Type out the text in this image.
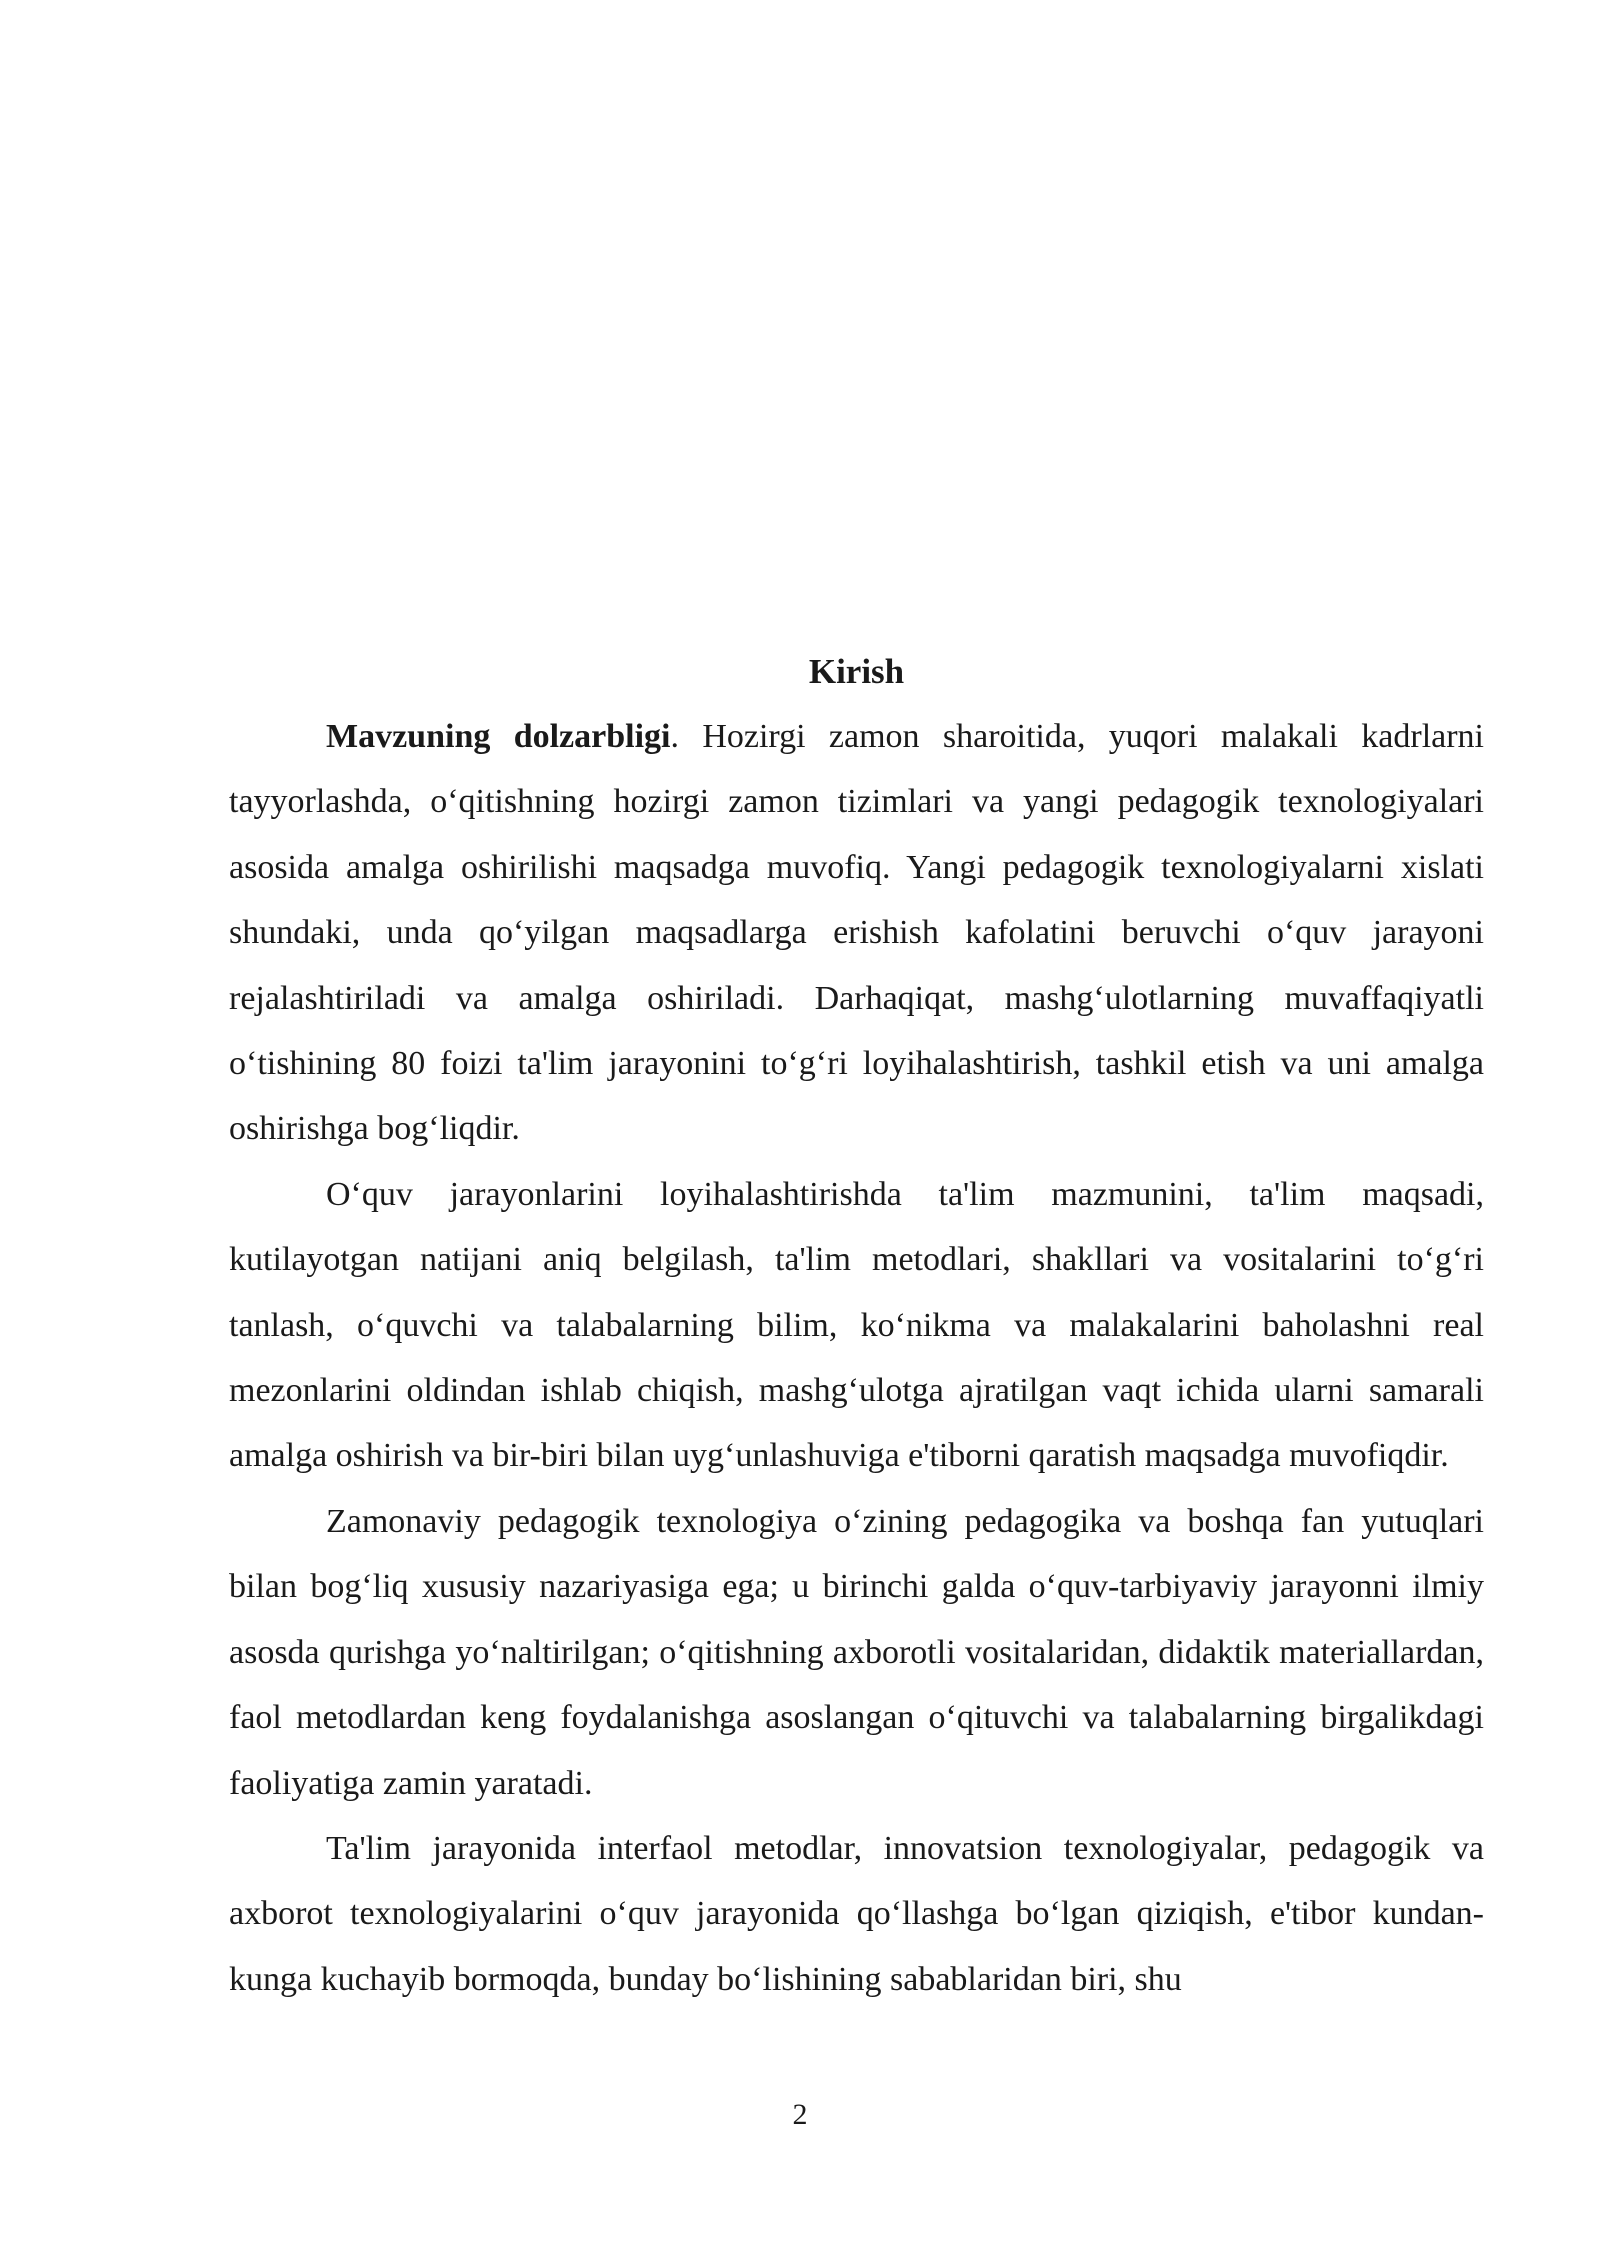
Kirish

Mavzuning dolzarbligi. Hozirgi zamon sharoitida, yuqori malakali kadrlarni tayyorlashda, o‘qitishning hozirgi zamon tizimlari va yangi pedagogik texnologiyalari asosida amalga oshirilishi maqsadga muvofiq. Yangi pedagogik texnologiyalarni xislati shundaki, unda qo‘yilgan maqsadlarga erishish kafolatini beruvchi o‘quv jarayoni rejalashtiriladi va amalga oshiriladi. Darhaqiqat, mashg‘ulotlarning muvaffaqiyatli o‘tishining 80 foizi ta'lim jarayonini to‘g‘ri loyihalashtirish, tashkil etish va uni amalga oshirishga bog‘liqdir.

O‘quv jarayonlarini loyihalashtirishda ta'lim mazmunini, ta'lim maqsadi, kutilayotgan natijani aniq belgilash, ta'lim metodlari, shakllari va vositalarini to‘g‘ri tanlash, o‘quvchi va talabalarning bilim, ko‘nikma va malakalarini baholashni real mezonlarini oldindan ishlab chiqish, mashg‘ulotga ajratilgan vaqt ichida ularni samarali amalga oshirish va bir-biri bilan uyg‘unlashuviga e'tiborni qaratish maqsadga muvofiqdir.

Zamonaviy pedagogik texnologiya o‘zining pedagogika va boshqa fan yutuqlari bilan bog‘liq xususiy nazariyasiga ega; u birinchi galda o‘quv-tarbiyaviy jarayonni ilmiy asosda qurishga yo‘naltirilgan; o‘qitishning axborotli vositalaridan, didaktik materiallardan, faol metodlardan keng foydalanishga asoslangan o‘qituvchi va talabalarning birgalikdagi faoliyatiga zamin yaratadi.

Ta'lim jarayonida interfaol metodlar, innovatsion texnologiyalar, pedagogik va axborot texnologiyalarini o‘quv jarayonida qo‘llashga bo‘lgan qiziqish, e'tibor kundan-kunga kuchayib bormoqda, bunday bo‘lishining sabablaridan biri, shu

2
